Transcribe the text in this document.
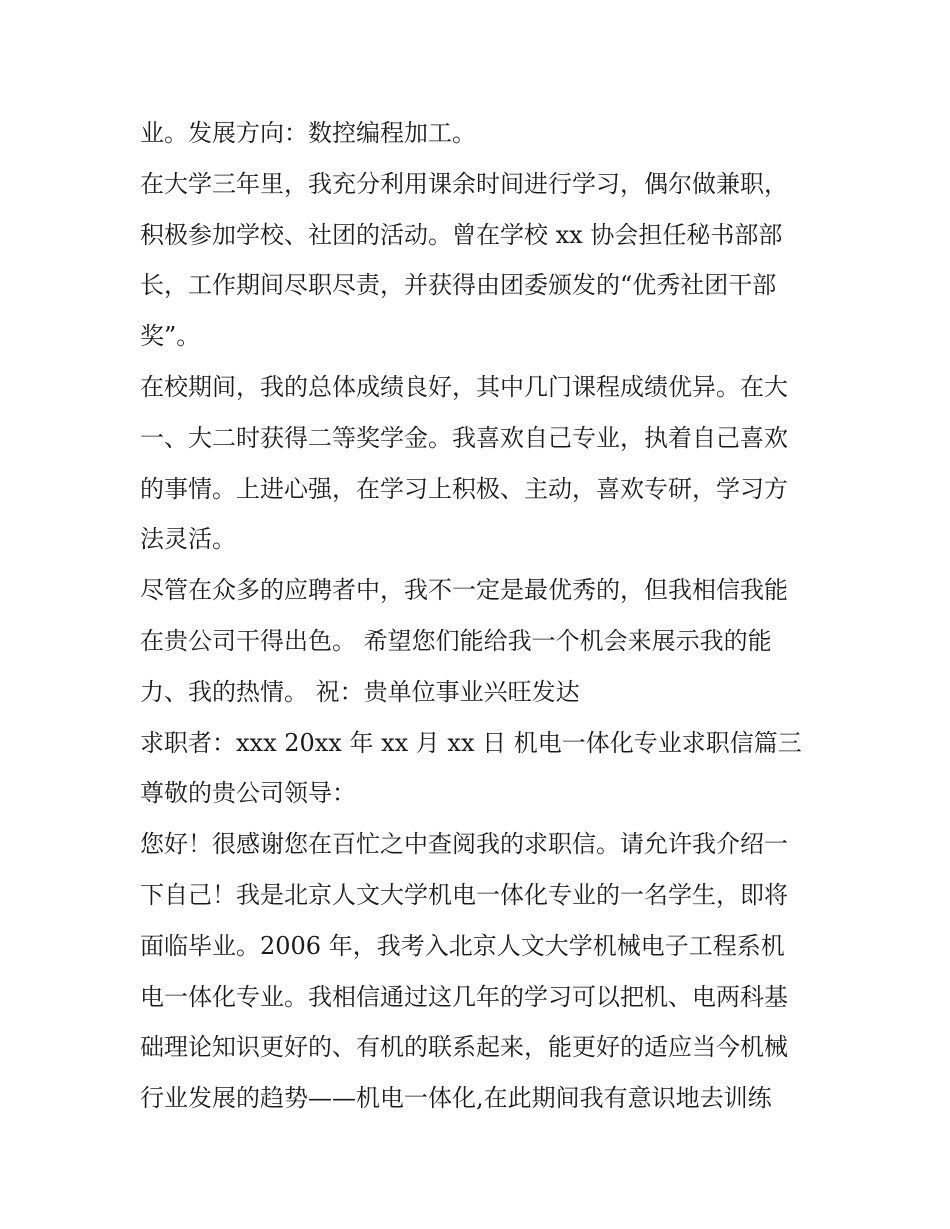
业。发展方向：数控编程加工。
在大学三年里，我充分利用课余时间进行学习，偶尔做兼职，
积极参加学校、社团的活动。曾在学校 xx 协会担任秘书部部
长，工作期间尽职尽责，并获得由团委颁发的“优秀社团干部
奖”。
在校期间，我的总体成绩良好，其中几门课程成绩优异。在大
一、大二时获得二等奖学金。我喜欢自己专业，执着自己喜欢
的事情。上进心强，在学习上积极、主动，喜欢专研，学习方
法灵活。
尽管在众多的应聘者中，我不一定是最优秀的，但我相信我能
在贵公司干得出色。 希望您们能给我一个机会来展示我的能
力、我的热情。 祝：贵单位事业兴旺发达
求职者：xxx 20xx 年 xx 月 xx 日 机电一体化专业求职信篇三
尊敬的贵公司领导：
您好！很感谢您在百忙之中查阅我的求职信。请允许我介绍一
下自己！我是北京人文大学机电一体化专业的一名学生，即将
面临毕业。2006 年，我考入北京人文大学机械电子工程系机
电一体化专业。我相信通过这几年的学习可以把机、电两科基
础理论知识更好的、有机的联系起来，能更好的适应当今机械
行业发展的趋势——机电一体化,在此期间我有意识地去训练
